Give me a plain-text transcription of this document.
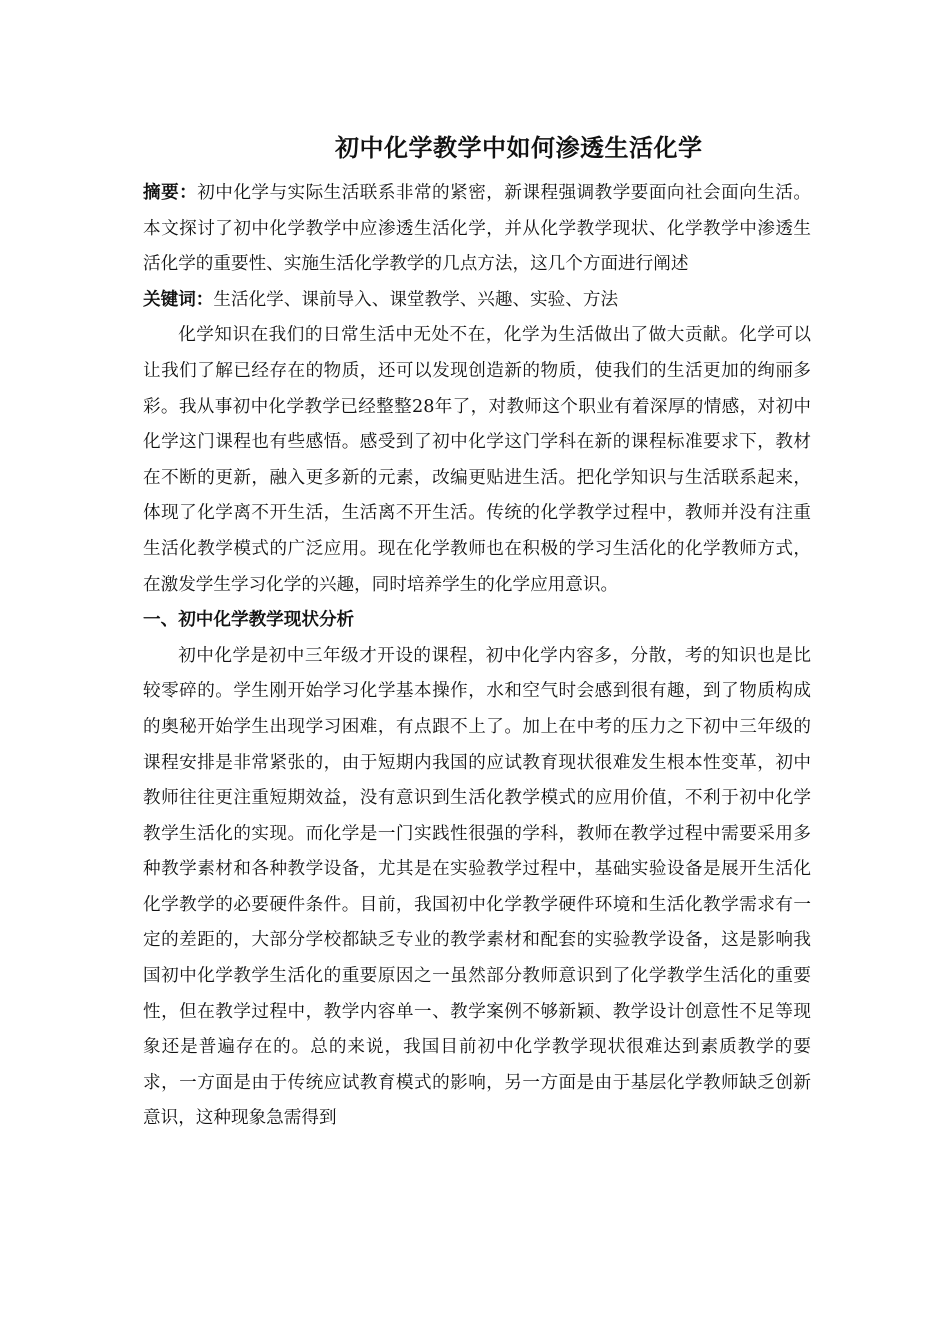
初中化学教学中如何渗透生活化学

摘要：初中化学与实际生活联系非常的紧密，新课程强调教学要面向社会面向生活。本文探讨了初中化学教学中应渗透生活化学，并从化学教学现状、化学教学中渗透生活化学的重要性、实施生活化学教学的几点方法，这几个方面进行阐述

关键词：生活化学、课前导入、课堂教学、兴趣、实验、方法

化学知识在我们的日常生活中无处不在，化学为生活做出了做大贡献。化学可以让我们了解已经存在的物质，还可以发现创造新的物质，使我们的生活更加的绚丽多彩。我从事初中化学教学已经整整28年了，对教师这个职业有着深厚的情感，对初中化学这门课程也有些感悟。感受到了初中化学这门学科在新的课程标准要求下，教材在不断的更新，融入更多新的元素，改编更贴进生活。把化学知识与生活联系起来，体现了化学离不开生活，生活离不开生活。传统的化学教学过程中，教师并没有注重生活化教学模式的广泛应用。现在化学教师也在积极的学习生活化的化学教师方式，在激发学生学习化学的兴趣，同时培养学生的化学应用意识。

一、初中化学教学现状分析

初中化学是初中三年级才开设的课程，初中化学内容多，分散，考的知识也是比较零碎的。学生刚开始学习化学基本操作，水和空气时会感到很有趣，到了物质构成的奥秘开始学生出现学习困难，有点跟不上了。加上在中考的压力之下初中三年级的课程安排是非常紧张的，由于短期内我国的应试教育现状很难发生根本性变革，初中教师往往更注重短期效益，没有意识到生活化教学模式的应用价值，不利于初中化学教学生活化的实现。而化学是一门实践性很强的学科，教师在教学过程中需要采用多种教学素材和各种教学设备，尤其是在实验教学过程中，基础实验设备是展开生活化化学教学的必要硬件条件。目前，我国初中化学教学硬件环境和生活化教学需求有一定的差距的，大部分学校都缺乏专业的教学素材和配套的实验教学设备，这是影响我国初中化学教学生活化的重要原因之一虽然部分教师意识到了化学教学生活化的重要性，但在教学过程中，教学内容单一、教学案例不够新颖、教学设计创意性不足等现象还是普遍存在的。总的来说，我国目前初中化学教学现状很难达到素质教学的要求，一方面是由于传统应试教育模式的影响，另一方面是由于基层化学教师缺乏创新意识，这种现象急需得到
